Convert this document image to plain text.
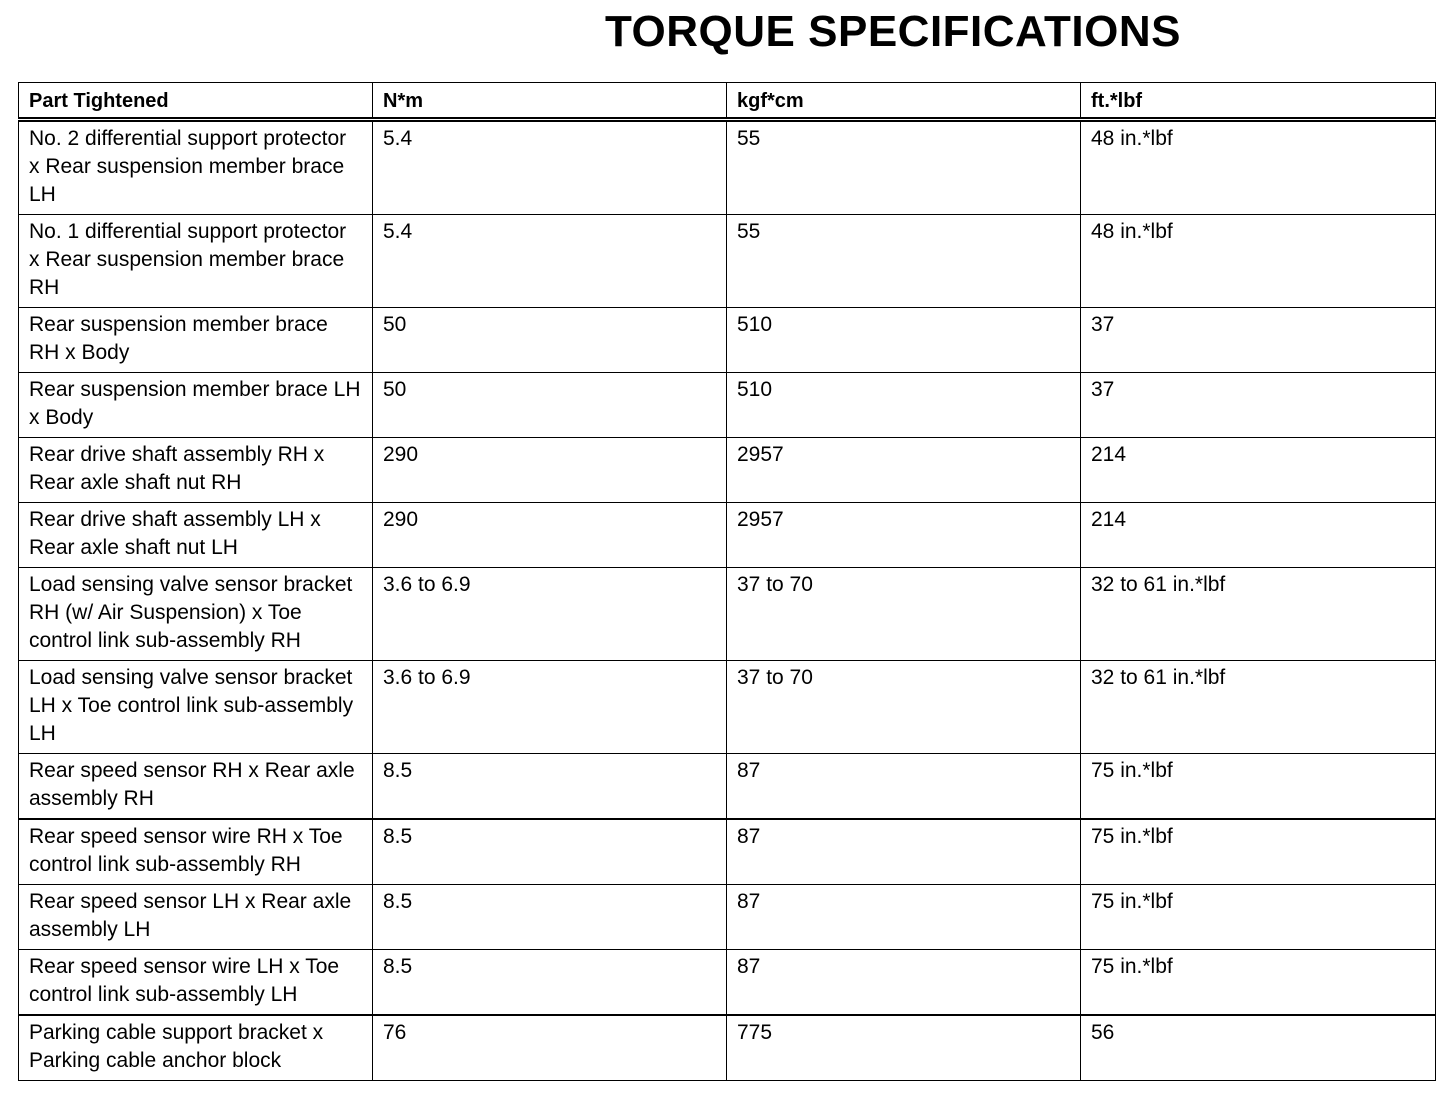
TORQUE SPECIFICATIONS
Part Tightened	N*m	kgf*cm	ft.*lbf
No. 2 differential support protector x Rear suspension member brace LH	5.4	55	48 in.*lbf
No. 1 differential support protector x Rear suspension member brace RH	5.4	55	48 in.*lbf
Rear suspension member brace RH x Body	50	510	37
Rear suspension member brace LH x Body	50	510	37
Rear drive shaft assembly RH x Rear axle shaft nut RH	290	2957	214
Rear drive shaft assembly LH x Rear axle shaft nut LH	290	2957	214
Load sensing valve sensor bracket RH (w/ Air Suspension) x Toe control link sub-assembly RH	3.6 to 6.9	37 to 70	32 to 61 in.*lbf
Load sensing valve sensor bracket LH x Toe control link sub-assembly LH	3.6 to 6.9	37 to 70	32 to 61 in.*lbf
Rear speed sensor RH x Rear axle assembly RH	8.5	87	75 in.*lbf
Rear speed sensor wire RH x Toe control link sub-assembly RH	8.5	87	75 in.*lbf
Rear speed sensor LH x Rear axle assembly LH	8.5	87	75 in.*lbf
Rear speed sensor wire LH x Toe control link sub-assembly LH	8.5	87	75 in.*lbf
Parking cable support bracket x Parking cable anchor block	76	775	56
